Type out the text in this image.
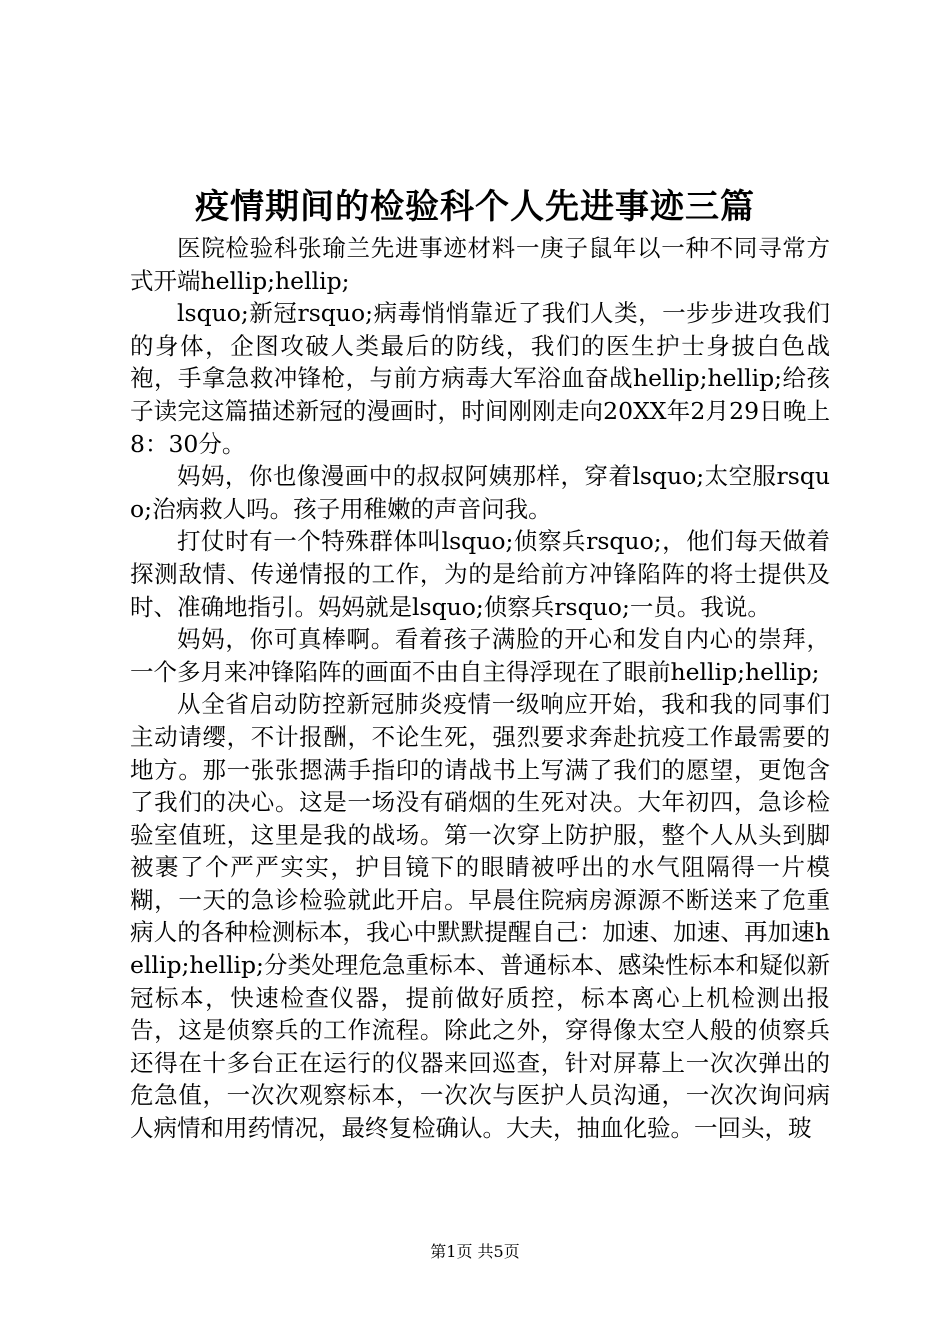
疫情期间的检验科个人先进事迹三篇

医院检验科张瑜兰先进事迹材料一庚子鼠年以一种不同寻常方式开端hellip;hellip;

lsquo;新冠rsquo;病毒悄悄靠近了我们人类，一步步进攻我们的身体，企图攻破人类最后的防线，我们的医生护士身披白色战袍，手拿急救冲锋枪，与前方病毒大军浴血奋战hellip;hellip;给孩子读完这篇描述新冠的漫画时，时间刚刚走向20XX年2月29日晚上8：30分。

妈妈，你也像漫画中的叔叔阿姨那样，穿着lsquo;太空服rsquo;治病救人吗。孩子用稚嫩的声音问我。

打仗时有一个特殊群体叫lsquo;侦察兵rsquo;，他们每天做着探测敌情、传递情报的工作，为的是给前方冲锋陷阵的将士提供及时、准确地指引。妈妈就是lsquo;侦察兵rsquo;一员。我说。

妈妈，你可真棒啊。看着孩子满脸的开心和发自内心的崇拜，一个多月来冲锋陷阵的画面不由自主得浮现在了眼前hellip;hellip;

从全省启动防控新冠肺炎疫情一级响应开始，我和我的同事们主动请缨，不计报酬，不论生死，强烈要求奔赴抗疫工作最需要的地方。那一张张摁满手指印的请战书上写满了我们的愿望，更饱含了我们的决心。这是一场没有硝烟的生死对决。大年初四，急诊检验室值班，这里是我的战场。第一次穿上防护服，整个人从头到脚被裹了个严严实实，护目镜下的眼睛被呼出的水气阻隔得一片模糊，一天的急诊检验就此开启。早晨住院病房源源不断送来了危重病人的各种检测标本，我心中默默提醒自己：加速、加速、再加速hellip;hellip;分类处理危急重标本、普通标本、感染性标本和疑似新冠标本，快速检查仪器，提前做好质控，标本离心上机检测出报告，这是侦察兵的工作流程。除此之外，穿得像太空人般的侦察兵还得在十多台正在运行的仪器来回巡查，针对屏幕上一次次弹出的危急值，一次次观察标本，一次次与医护人员沟通，一次次询问病人病情和用药情况，最终复检确认。大夫，抽血化验。一回头，玻

第1页 共5页
